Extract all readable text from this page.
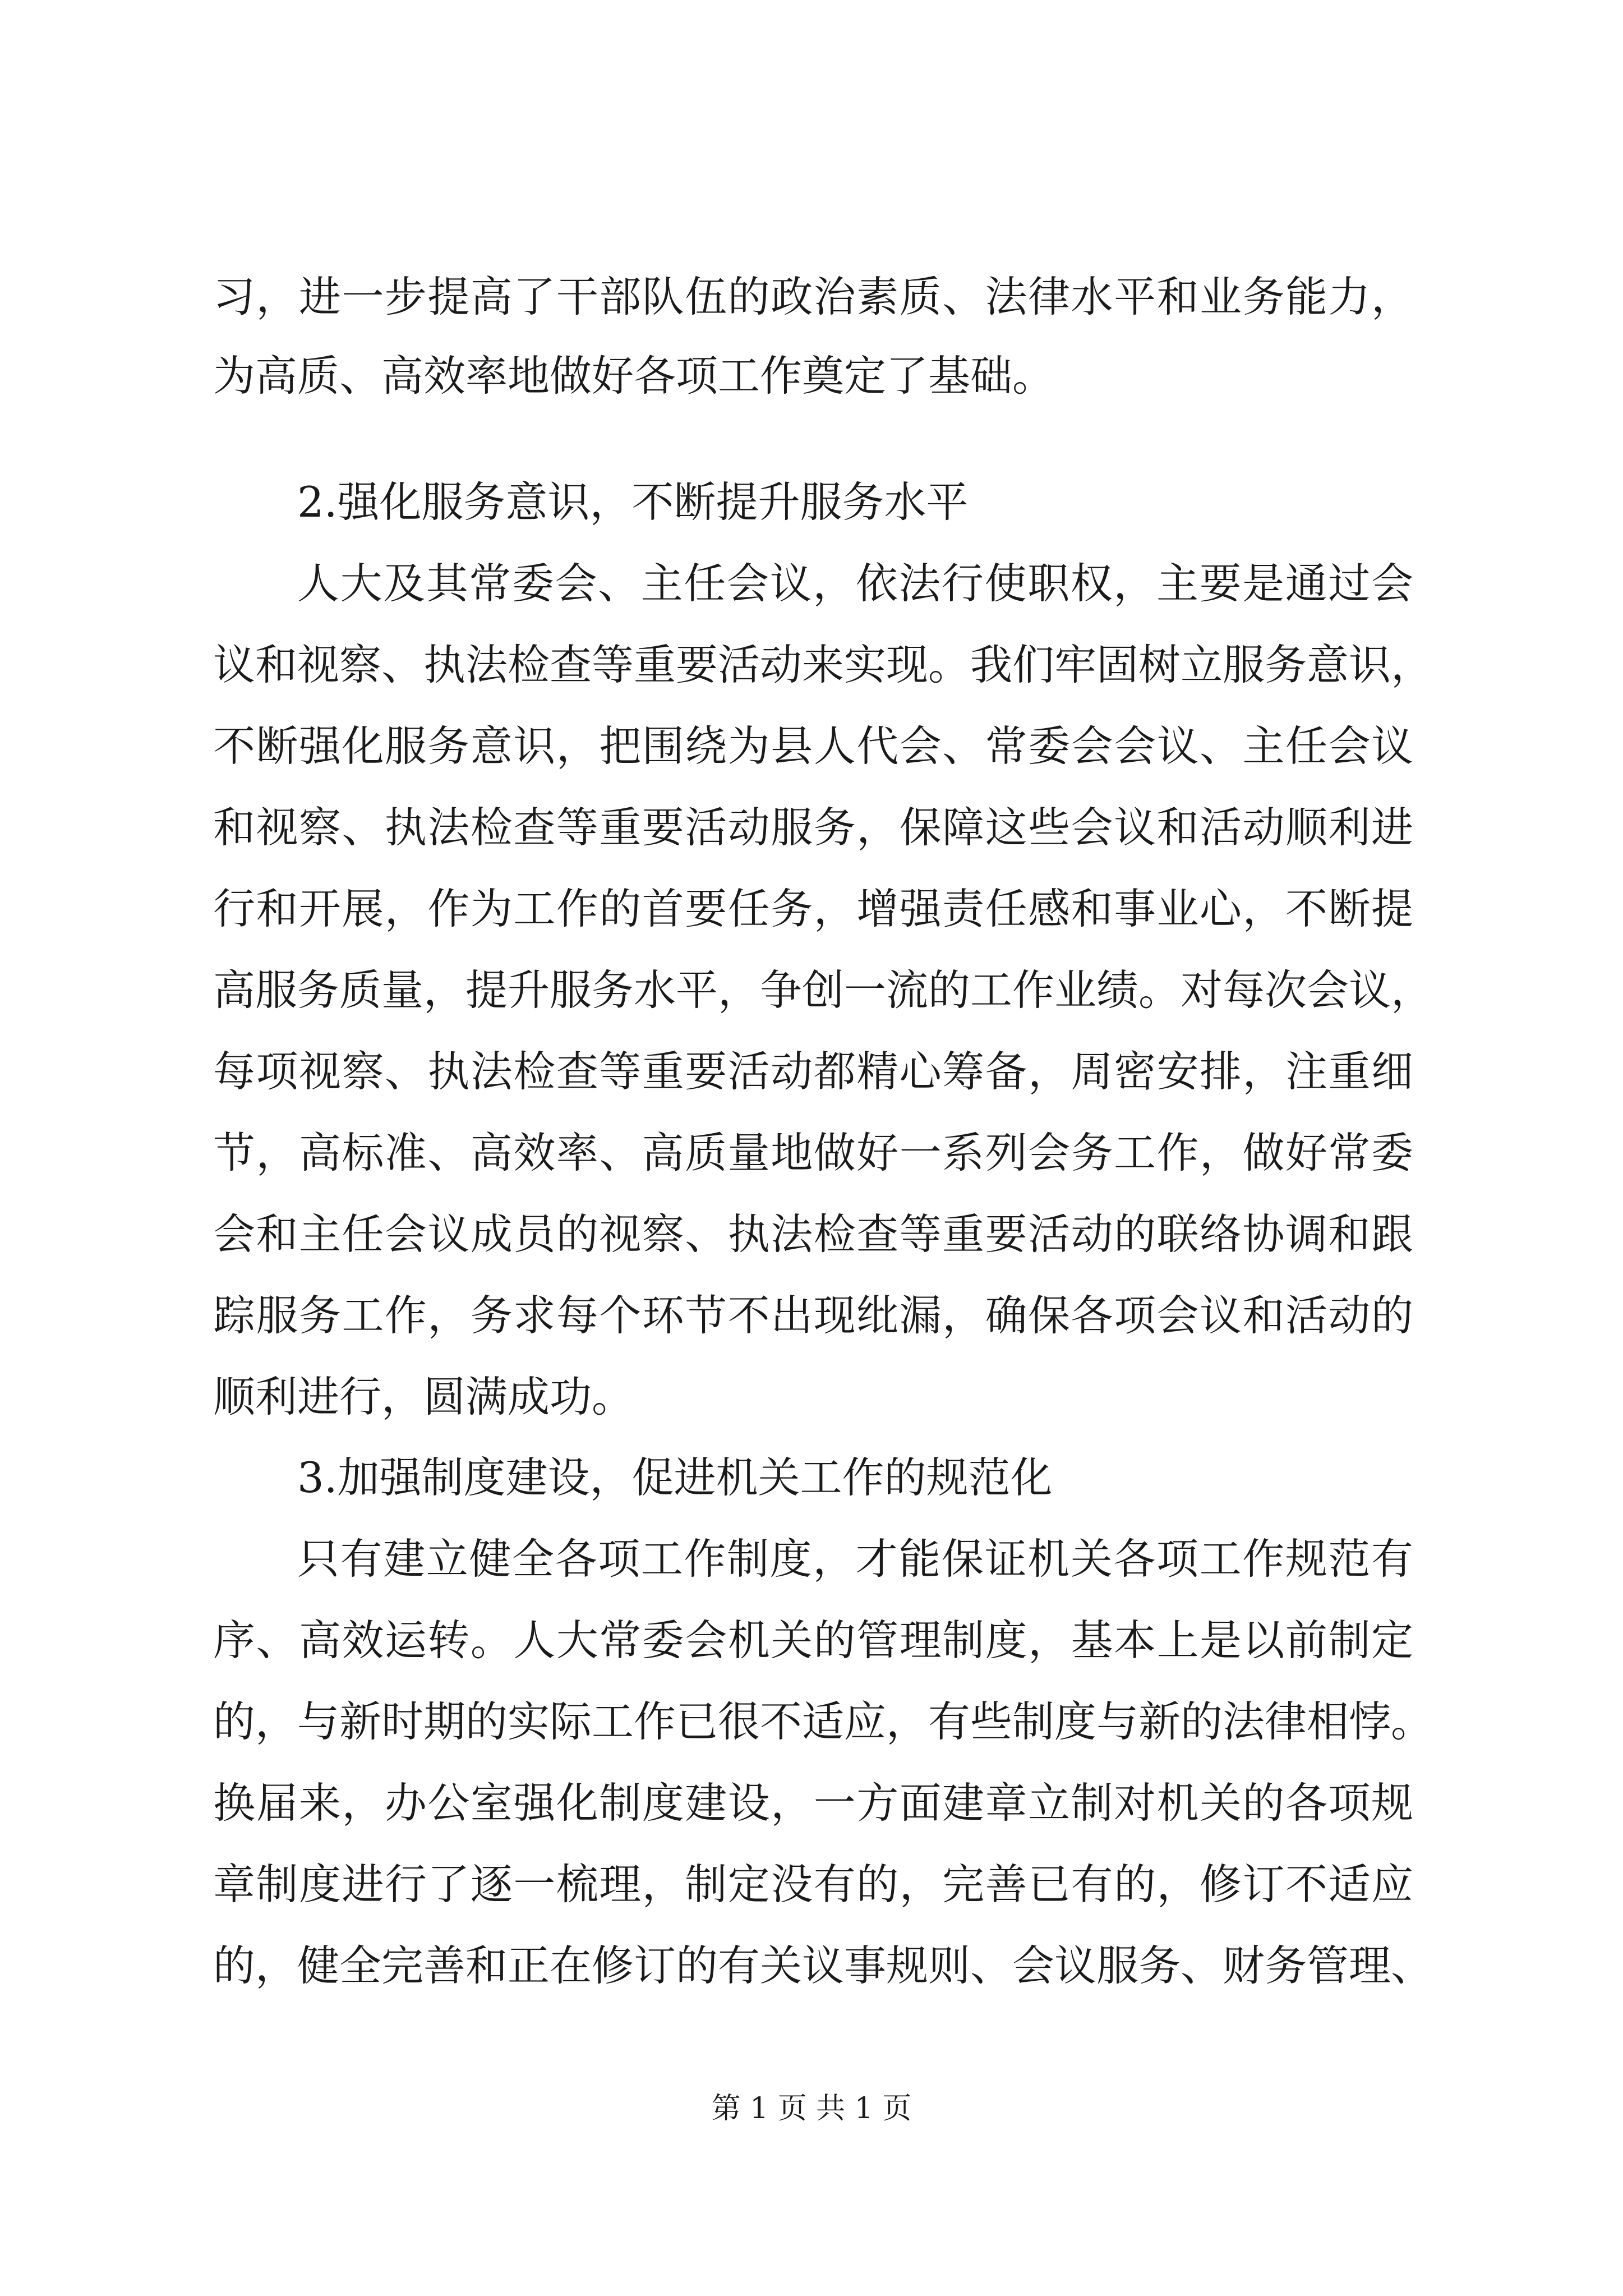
习，进一步提高了干部队伍的政治素质、法律水平和业务能力，
为高质、高效率地做好各项工作奠定了基础。
2.强化服务意识，不断提升服务水平
人大及其常委会、主任会议，依法行使职权，主要是通过会
议和视察、执法检查等重要活动来实现。我们牢固树立服务意识，
不断强化服务意识，把围绕为县人代会、常委会会议、主任会议
和视察、执法检查等重要活动服务，保障这些会议和活动顺利进
行和开展，作为工作的首要任务，增强责任感和事业心，不断提
高服务质量，提升服务水平，争创一流的工作业绩。对每次会议，
每项视察、执法检查等重要活动都精心筹备，周密安排，注重细
节，高标准、高效率、高质量地做好一系列会务工作，做好常委
会和主任会议成员的视察、执法检查等重要活动的联络协调和跟
踪服务工作，务求每个环节不出现纰漏，确保各项会议和活动的
顺利进行，圆满成功。
3.加强制度建设，促进机关工作的规范化
只有建立健全各项工作制度，才能保证机关各项工作规范有
序、高效运转。人大常委会机关的管理制度，基本上是以前制定
的，与新时期的实际工作已很不适应，有些制度与新的法律相悖。
换届来，办公室强化制度建设，一方面建章立制对机关的各项规
章制度进行了逐一梳理，制定没有的，完善已有的，修订不适应
的，健全完善和正在修订的有关议事规则、会议服务、财务管理、
第 1 页 共 1 页
